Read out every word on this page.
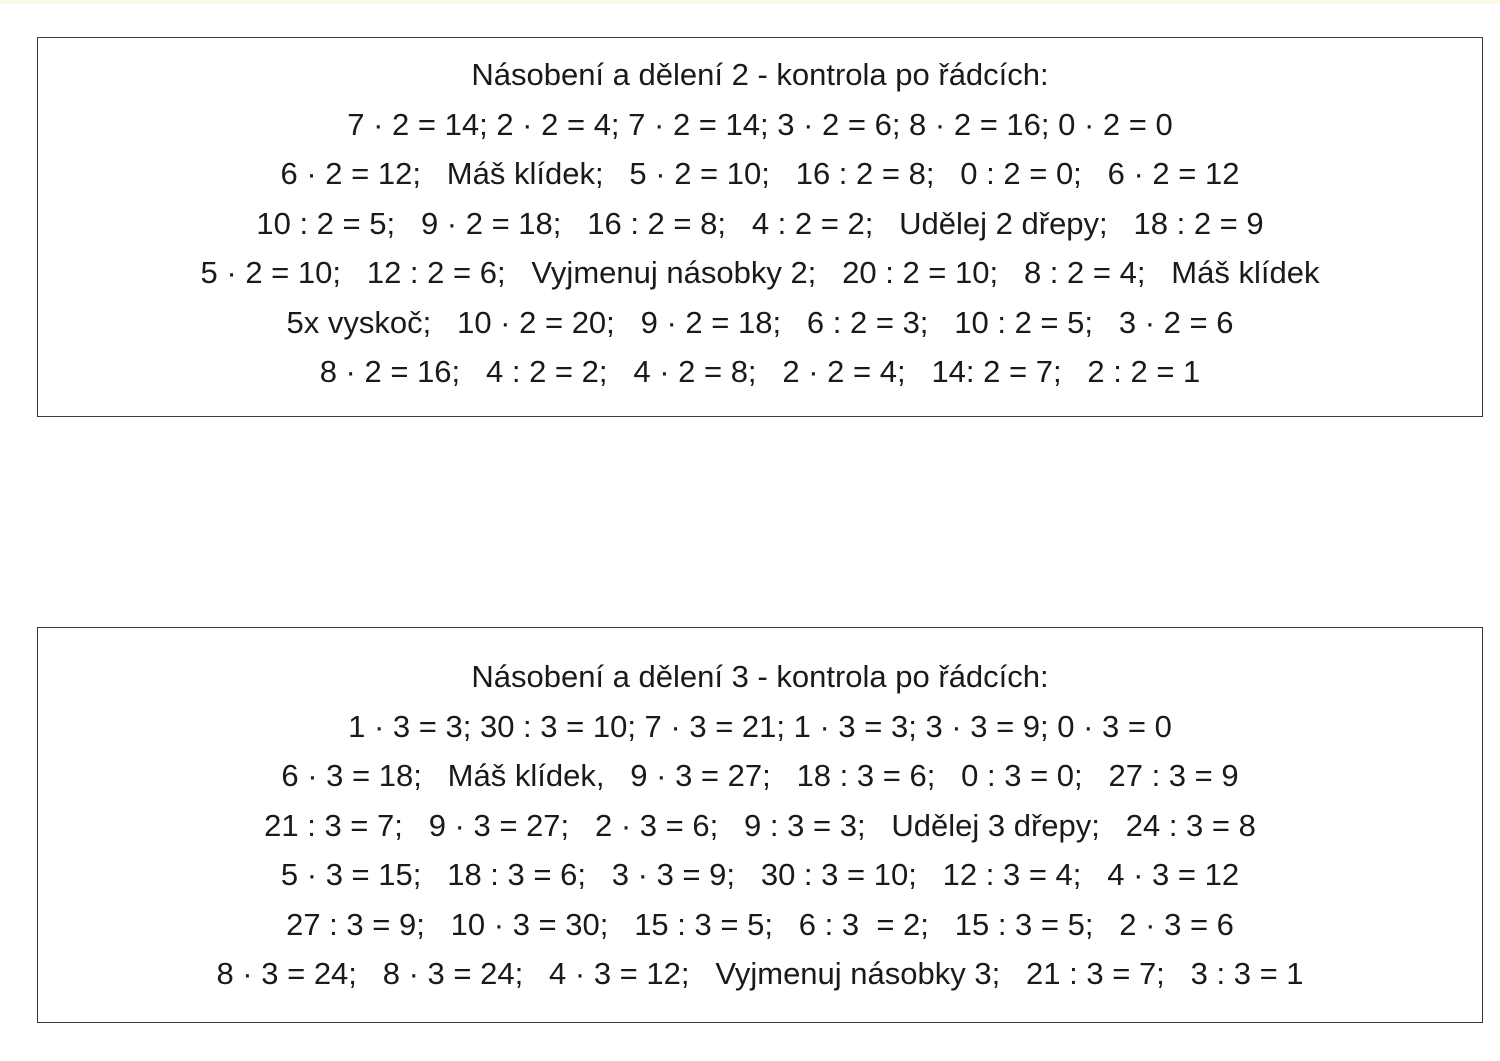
Násobení a dělení 2 - kontrola po řádcích:
7 · 2 = 14; 2 · 2 = 4; 7 · 2 = 14; 3 · 2 = 6; 8 · 2 = 16; 0 · 2 = 0
6 · 2 = 12;   Máš klídek;   5 · 2 = 10;   16 : 2 = 8;   0 : 2 = 0;   6 · 2 = 12
10 : 2 = 5;   9 · 2 = 18;   16 : 2 = 8;   4 : 2 = 2;   Udělej 2 dřepy;   18 : 2 = 9
5 · 2 = 10;   12 : 2 = 6;   Vyjmenuj násobky 2;   20 : 2 = 10;   8 : 2 = 4;   Máš klídek
5x vyskoč;   10 · 2 = 20;   9 · 2 = 18;   6 : 2 = 3;   10 : 2 = 5;   3 · 2 = 6
8 · 2 = 16;   4 : 2 = 2;   4 · 2 = 8;   2 · 2 = 4;   14: 2 = 7;   2 : 2 = 1
Násobení a dělení 3 - kontrola po řádcích:
1 · 3 = 3; 30 : 3 = 10; 7 · 3 = 21; 1 · 3 = 3; 3 · 3 = 9; 0 · 3 = 0
6 · 3 = 18;   Máš klídek,   9 · 3 = 27;   18 : 3 = 6;   0 : 3 = 0;   27 : 3 = 9
21 : 3 = 7;   9 · 3 = 27;   2 · 3 = 6;   9 : 3 = 3;   Udělej 3 dřepy;   24 : 3 = 8
5 · 3 = 15;   18 : 3 = 6;   3 · 3 = 9;   30 : 3 = 10;   12 : 3 = 4;   4 · 3 = 12
27 : 3 = 9;   10 · 3 = 30;   15 : 3 = 5;   6 : 3  = 2;   15 : 3 = 5;   2 · 3 = 6
8 · 3 = 24;   8 · 3 = 24;   4 · 3 = 12;   Vyjmenuj násobky 3;   21 : 3 = 7;   3 : 3 = 1
